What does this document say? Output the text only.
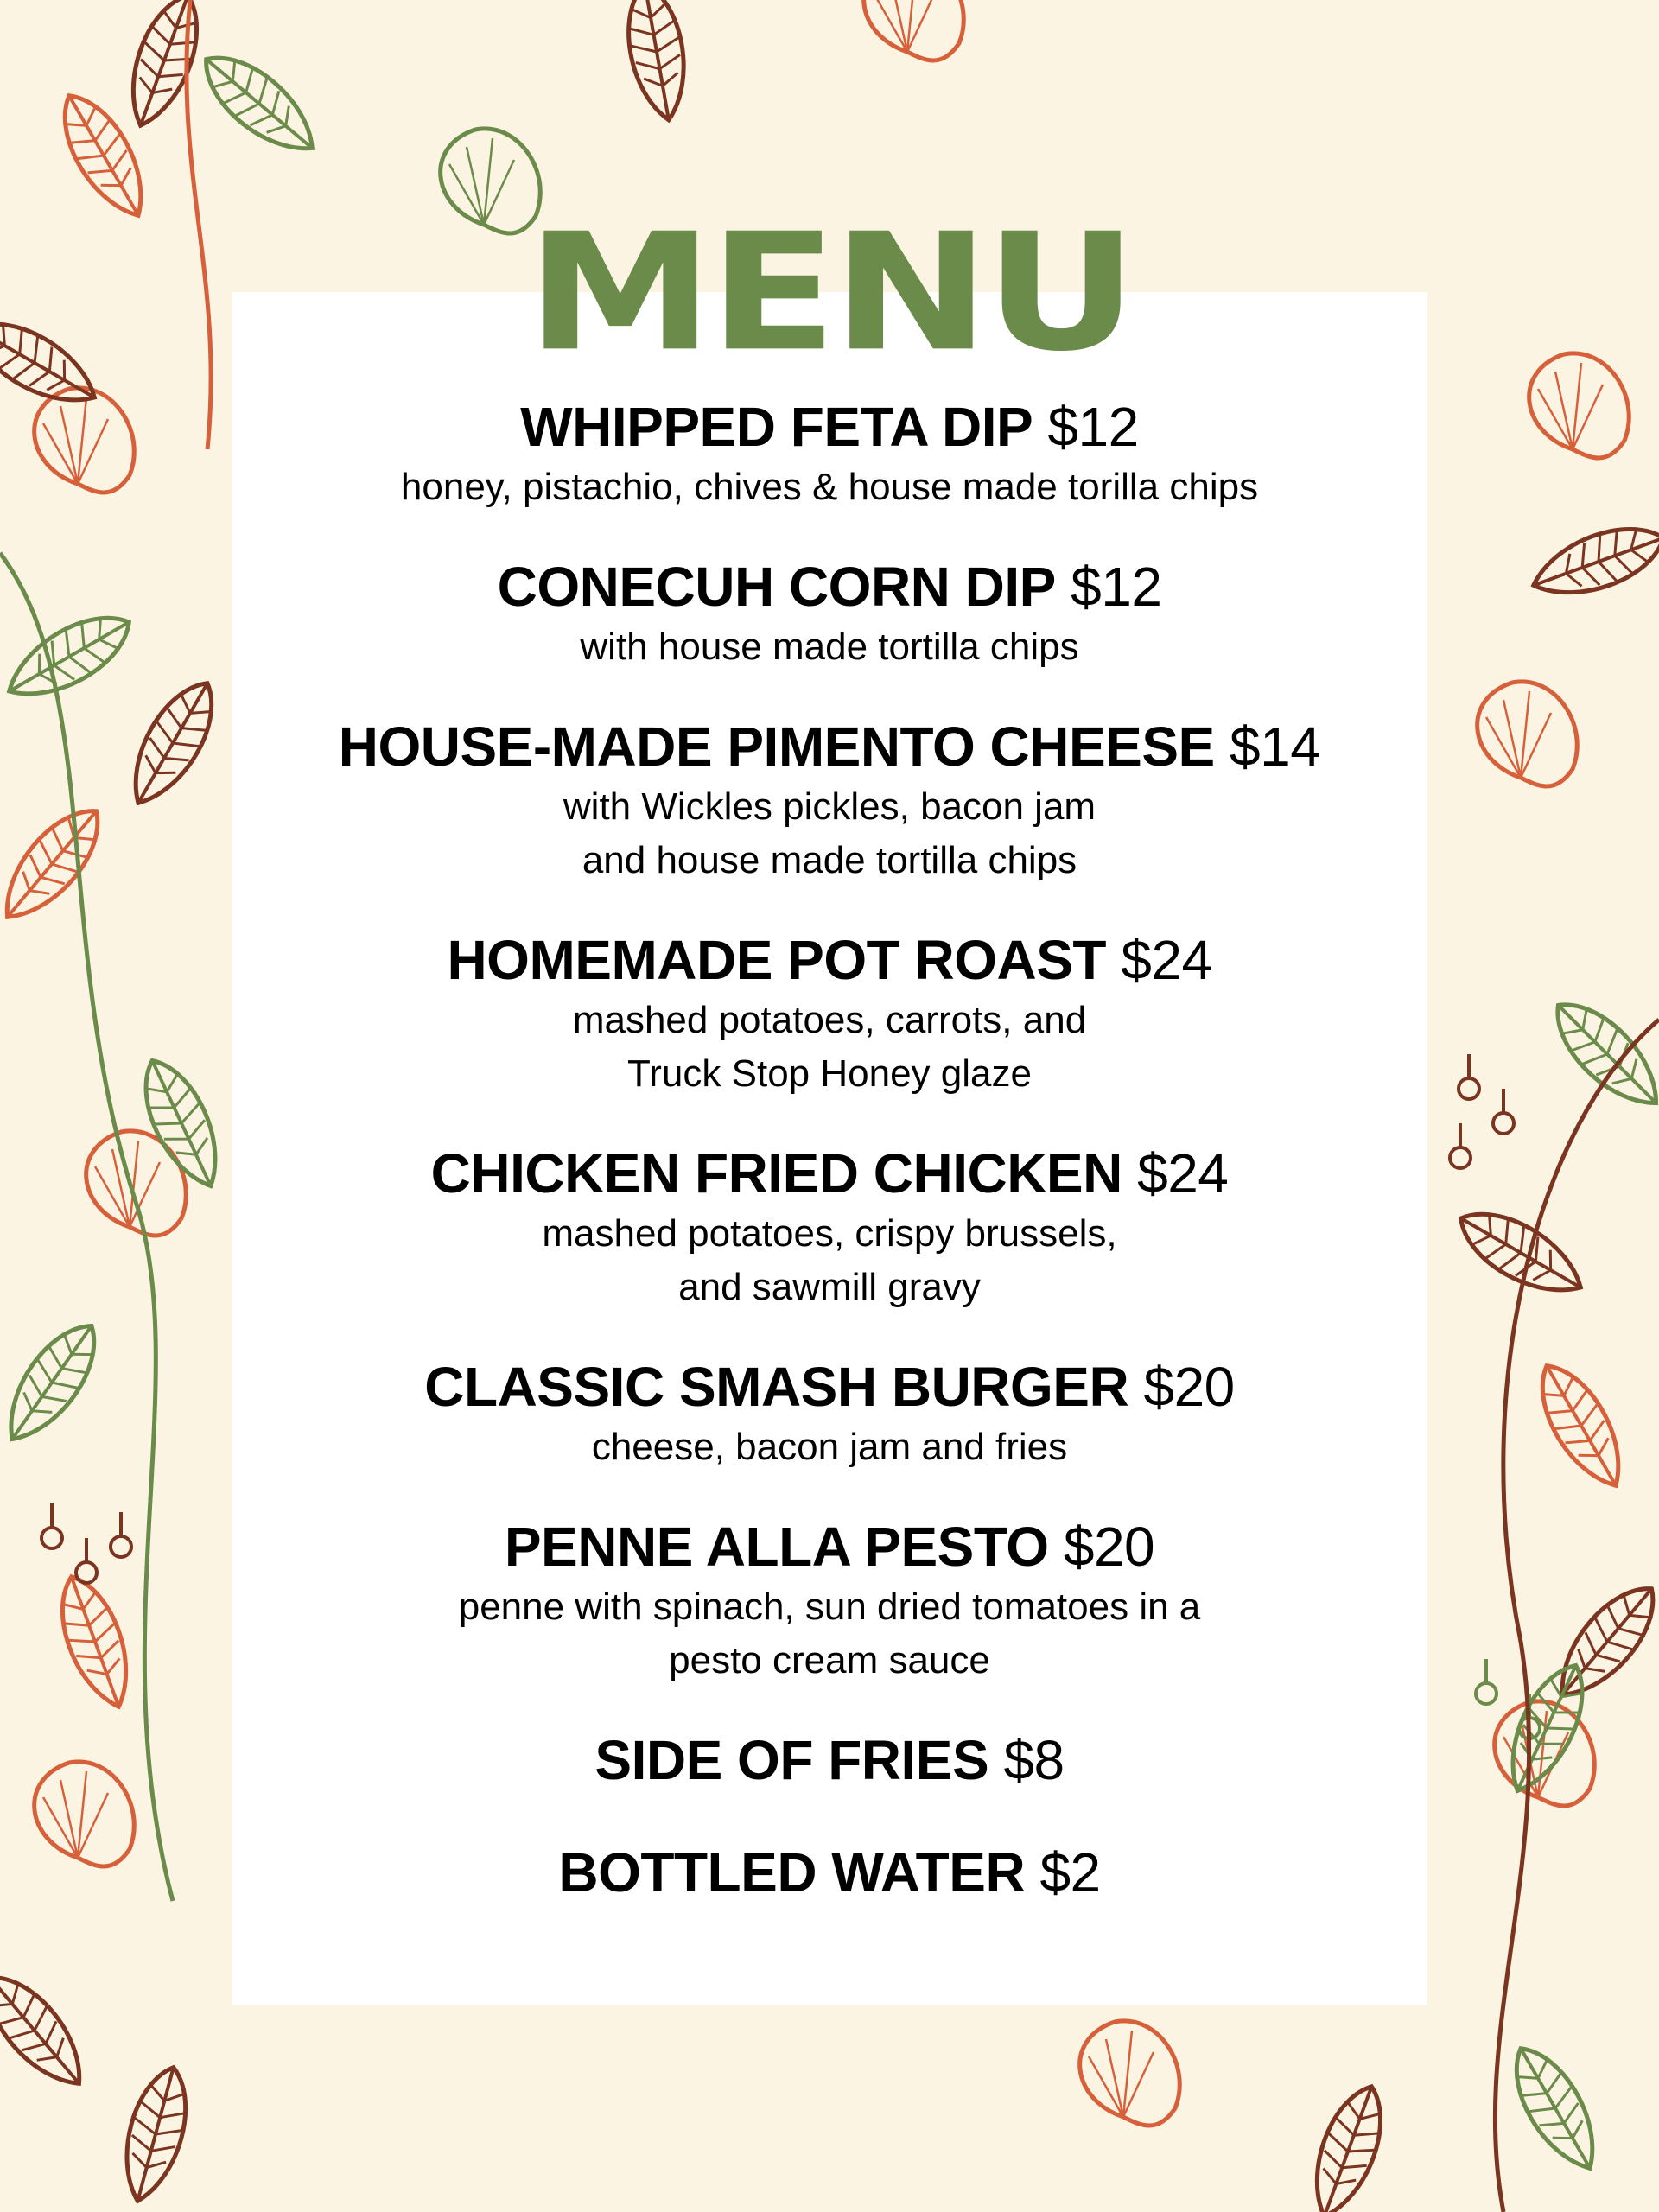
MENU
WHIPPED FETA DIP $12
honey, pistachio, chives & house made torilla chips
CONECUH CORN DIP $12
with house made tortilla chips
HOUSE-MADE PIMENTO CHEESE $14
with Wickles pickles, bacon jam
and house made tortilla chips
HOMEMADE POT ROAST $24
mashed potatoes, carrots, and
Truck Stop Honey glaze
CHICKEN FRIED CHICKEN $24
mashed potatoes, crispy brussels,
and sawmill gravy
CLASSIC SMASH BURGER $20
cheese, bacon jam and fries
PENNE ALLA PESTO $20
penne with spinach, sun dried tomatoes in a
pesto cream sauce
SIDE OF FRIES $8
BOTTLED WATER $2
